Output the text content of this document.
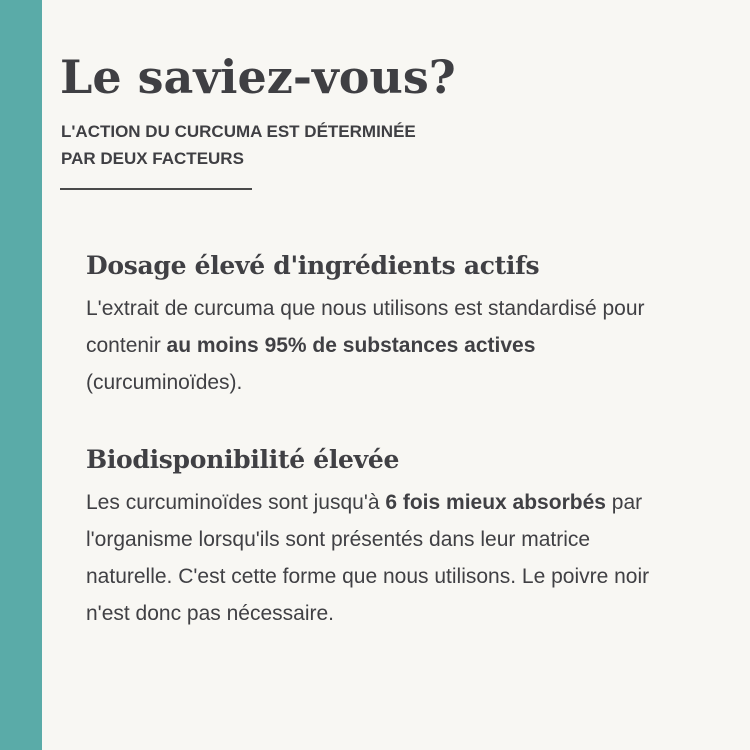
Le saviez-vous?

L'ACTION DU CURCUMA EST DÉTERMINÉE
PAR DEUX FACTEURS

Dosage élevé d'ingrédients actifs

L'extrait de curcuma que nous utilisons est standardisé pour contenir au moins 95% de substances actives (curcuminoïdes).

Biodisponibilité élevée

Les curcuminoïdes sont jusqu'à 6 fois mieux absorbés par l'organisme lorsqu'ils sont présentés dans leur matrice naturelle. C'est cette forme que nous utilisons. Le poivre noir n'est donc pas nécessaire.
